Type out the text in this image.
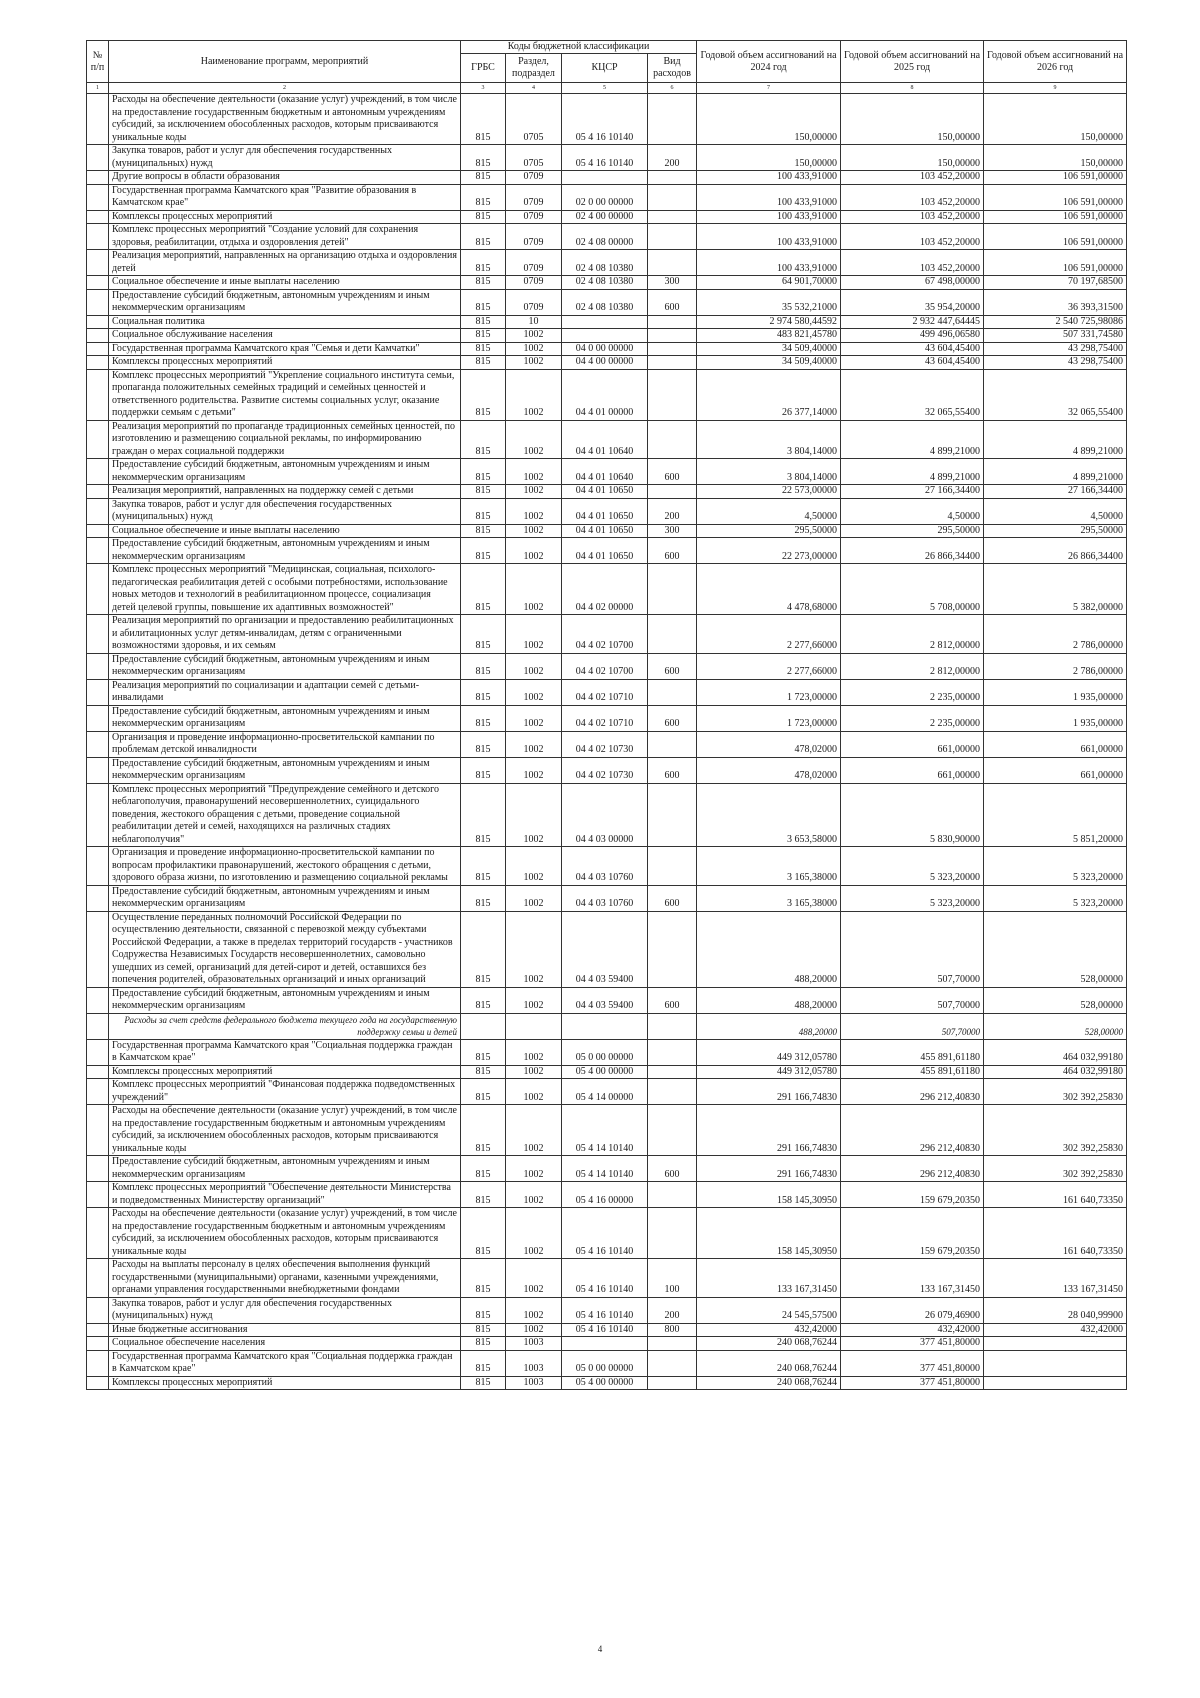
№ п/п	Наименование программ, мероприятий	Коды бюджетной классификации				Годовой объем ассигнований на 2024 год	Годовой объем ассигнований на 2025 год	Годовой объем ассигнований на 2026 год
		ГРБС	Раздел, подраздел	КЦСР	Вид расходов			
1	2	3	4	5	6	7	8	9
	Расходы на обеспечение деятельности (оказание услуг) учреждений, в том числе на предоставление государственным бюджетным и автономным учреждениям субсидий, за исключением обособленных расходов, которым присваиваются уникальные коды	815	0705	05 4 16 10140		150,00000	150,00000	150,00000
	Закупка товаров, работ и услуг для обеспечения государственных (муниципальных) нужд	815	0705	05 4 16 10140	200	150,00000	150,00000	150,00000
	Другие вопросы в области образования	815	0709			100 433,91000	103 452,20000	106 591,00000
	Государственная программа Камчатского края "Развитие образования в Камчатском крае"	815	0709	02 0 00 00000		100 433,91000	103 452,20000	106 591,00000
	Комплексы процессных мероприятий	815	0709	02 4 00 00000		100 433,91000	103 452,20000	106 591,00000
	Комплекс процессных мероприятий "Создание условий для сохранения здоровья, реабилитации, отдыха и оздоровления детей"	815	0709	02 4 08 00000		100 433,91000	103 452,20000	106 591,00000
	Реализация мероприятий, направленных на организацию отдыха и оздоровления детей	815	0709	02 4 08 10380		100 433,91000	103 452,20000	106 591,00000
	Социальное обеспечение и иные выплаты населению	815	0709	02 4 08 10380	300	64 901,70000	67 498,00000	70 197,68500
	Предоставление субсидий бюджетным, автономным учреждениям и иным некоммерческим организациям	815	0709	02 4 08 10380	600	35 532,21000	35 954,20000	36 393,31500
	Социальная политика	815	10			2 974 580,44592	2 932 447,64445	2 540 725,98086
	Социальное обслуживание населения	815	1002			483 821,45780	499 496,06580	507 331,74580
	Государственная программа Камчатского края "Семья и дети Камчатки"	815	1002	04 0 00 00000		34 509,40000	43 604,45400	43 298,75400
	Комплексы процессных мероприятий	815	1002	04 4 00 00000		34 509,40000	43 604,45400	43 298,75400
	Комплекс процессных мероприятий "Укрепление социального института семьи, пропаганда положительных семейных традиций и семейных ценностей и ответственного родительства. Развитие системы социальных услуг, оказание поддержки семьям с детьми"	815	1002	04 4 01 00000		26 377,14000	32 065,55400	32 065,55400
	Реализация мероприятий по пропаганде традиционных семейных ценностей, по изготовлению и размещению социальной рекламы, по информированию граждан о мерах социальной поддержки	815	1002	04 4 01 10640		3 804,14000	4 899,21000	4 899,21000
	Предоставление субсидий бюджетным, автономным учреждениям и иным некоммерческим организациям	815	1002	04 4 01 10640	600	3 804,14000	4 899,21000	4 899,21000
	Реализация мероприятий, направленных на поддержку семей с детьми	815	1002	04 4 01 10650		22 573,00000	27 166,34400	27 166,34400
	Закупка товаров, работ и услуг для обеспечения государственных (муниципальных) нужд	815	1002	04 4 01 10650	200	4,50000	4,50000	4,50000
	Социальное обеспечение и иные выплаты населению	815	1002	04 4 01 10650	300	295,50000	295,50000	295,50000
	Предоставление субсидий бюджетным, автономным учреждениям и иным некоммерческим организациям	815	1002	04 4 01 10650	600	22 273,00000	26 866,34400	26 866,34400
	Комплекс процессных мероприятий "Медицинская, социальная, психолого-педагогическая реабилитация детей с особыми потребностями, использование новых методов и технологий в реабилитационном процессе, социализация детей целевой группы, повышение их адаптивных возможностей"	815	1002	04 4 02 00000		4 478,68000	5 708,00000	5 382,00000
	Реализация мероприятий по организации и предоставлению реабилитационных и абилитационных услуг детям-инвалидам, детям с ограниченными возможностями здоровья, и их семьям	815	1002	04 4 02 10700		2 277,66000	2 812,00000	2 786,00000
	Предоставление субсидий бюджетным, автономным учреждениям и иным некоммерческим организациям	815	1002	04 4 02 10700	600	2 277,66000	2 812,00000	2 786,00000
	Реализация мероприятий по социализации и адаптации семей с детьми-инвалидами	815	1002	04 4 02 10710		1 723,00000	2 235,00000	1 935,00000
	Предоставление субсидий бюджетным, автономным учреждениям и иным некоммерческим организациям	815	1002	04 4 02 10710	600	1 723,00000	2 235,00000	1 935,00000
	Организация и проведение информационно-просветительской кампании по проблемам детской инвалидности	815	1002	04 4 02 10730		478,02000	661,00000	661,00000
	Предоставление субсидий бюджетным, автономным учреждениям и иным некоммерческим организациям	815	1002	04 4 02 10730	600	478,02000	661,00000	661,00000
	Комплекс процессных мероприятий "Предупреждение семейного и детского неблагополучия, правонарушений несовершеннолетних, суицидального поведения, жестокого обращения с детьми, проведение социальной реабилитации детей и семей, находящихся на различных стадиях неблагополучия"	815	1002	04 4 03 00000		3 653,58000	5 830,90000	5 851,20000
	Организация и проведение информационно-просветительской кампании по вопросам профилактики правонарушений, жестокого обращения с детьми, здорового образа жизни, по изготовлению и размещению социальной рекламы	815	1002	04 4 03 10760		3 165,38000	5 323,20000	5 323,20000
	Предоставление субсидий бюджетным, автономным учреждениям и иным некоммерческим организациям	815	1002	04 4 03 10760	600	3 165,38000	5 323,20000	5 323,20000
	Осуществление переданных полномочий Российской Федерации по осуществлению деятельности, связанной с перевозкой между субъектами Российской Федерации, а также в пределах территорий государств - участников Содружества Независимых Государств несовершеннолетних, самовольно ушедших из семей, организаций для детей-сирот и детей, оставшихся без попечения родителей, образовательных организаций и иных организаций	815	1002	04 4 03 59400		488,20000	507,70000	528,00000
	Предоставление субсидий бюджетным, автономным учреждениям и иным некоммерческим организациям	815	1002	04 4 03 59400	600	488,20000	507,70000	528,00000
	Расходы за счет средств федерального бюджета текущего года на государственную поддержку семьи и детей					488,20000	507,70000	528,00000
	Государственная программа Камчатского края "Социальная поддержка граждан в Камчатском крае"	815	1002	05 0 00 00000		449 312,05780	455 891,61180	464 032,99180
	Комплексы процессных мероприятий	815	1002	05 4 00 00000		449 312,05780	455 891,61180	464 032,99180
	Комплекс процессных мероприятий "Финансовая поддержка подведомственных учреждений"	815	1002	05 4 14 00000		291 166,74830	296 212,40830	302 392,25830
	Расходы на обеспечение деятельности (оказание услуг) учреждений, в том числе на предоставление государственным бюджетным и автономным учреждениям субсидий, за исключением обособленных расходов, которым присваиваются уникальные коды	815	1002	05 4 14 10140		291 166,74830	296 212,40830	302 392,25830
	Предоставление субсидий бюджетным, автономным учреждениям и иным некоммерческим организациям	815	1002	05 4 14 10140	600	291 166,74830	296 212,40830	302 392,25830
	Комплекс процессных мероприятий "Обеспечение деятельности Министерства и подведомственных Министерству организаций"	815	1002	05 4 16 00000		158 145,30950	159 679,20350	161 640,73350
	Расходы на обеспечение деятельности (оказание услуг) учреждений, в том числе на предоставление государственным бюджетным и автономным учреждениям субсидий, за исключением обособленных расходов, которым присваиваются уникальные коды	815	1002	05 4 16 10140		158 145,30950	159 679,20350	161 640,73350
	Расходы на выплаты персоналу в целях обеспечения выполнения функций государственными (муниципальными) органами, казенными учреждениями, органами управления государственными внебюджетными фондами	815	1002	05 4 16 10140	100	133 167,31450	133 167,31450	133 167,31450
	Закупка товаров, работ и услуг для обеспечения государственных (муниципальных) нужд	815	1002	05 4 16 10140	200	24 545,57500	26 079,46900	28 040,99900
	Иные бюджетные ассигнования	815	1002	05 4 16 10140	800	432,42000	432,42000	432,42000
	Социальное обеспечение населения	815	1003			240 068,76244	377 451,80000	
	Государственная программа Камчатского края "Социальная поддержка граждан в Камчатском крае"	815	1003	05 0 00 00000		240 068,76244	377 451,80000	
	Комплексы процессных мероприятий	815	1003	05 4 00 00000		240 068,76244	377 451,80000	
4
